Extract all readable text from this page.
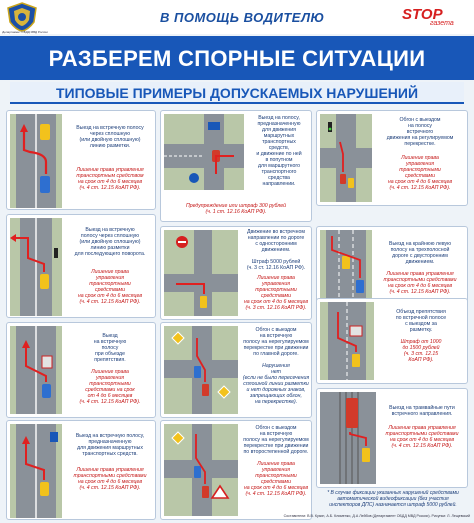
Департамент ОБДД МВД России
В ПОМОЩЬ ВОДИТЕЛЮ	STOP
газета
РАЗБЕРЕМ СПОРНЫЕ СИТУАЦИИ
ТИПОВЫЕ ПРИМЕРЫ ДОПУСКАЕМЫХ НАРУШЕНИЙ
Выезд на встречную полосу
через сплошную
(или двойную сплошную)
линию разметки.
Лишение права управления
транспортным средством
на срок от 4 до 6 месяцев
(ч. 4 ст. 12.15 КоАП РФ).
Выезд на полосу,
предназначенную
для движения
маршрутных
транспортных
средств,
и движение по ней
в попутном
для маршрутного
транспортного
средства
направлении.
Предупреждение или штраф 300 рублей
(ч. 1 ст. 12.16 КоАП РФ).
Обгон с выездом
на полосу
встречного
движения на регулируемом
перекрестке.
Лишение права
управления
транспортными
средствами
на срок от 4 до 6 месяцев
(ч. 4 ст. 12.15 КоАП РФ).
Выезд на встречную
полосу через сплошную
(или двойную сплошную)
линию разметки
для последующего поворота.
Лишение права
управления
транспортными
средствами
на срок от 4 до 6 месяцев
(ч. 4 ст. 12.15 КоАП РФ).
Движение во встречном
направлении по дороге
с односторонним
движением.
Штраф 5000 рублей
(ч. 3 ст. 12.16 КоАП РФ).
Лишение права
управления
транспортными
средствами
на срок от 4 до 6 месяцев
(ч. 3 ст. 12.16 КоАП РФ).
Выезд на крайнюю левую
полосу на трехполосной
дороге с двусторонним
движением.
Лишение права управления
транспортными средствами
на срок от 4 до 6 месяцев
(ч. 4 ст. 12.15 КоАП РФ).
Выезд
на встречную
полосу
при объезде
препятствия.
Лишение права
управления
транспортными
средствами на срок
от 4 до 6 месяцев
(ч. 4 ст. 12.15 КоАП РФ).
Обгон с выездом
на встречную
полосу на нерегулируемом
перекрестке при движении
по главной дороге.
Нарушения
нет
(если не было пересечения
сплошной линии разметки
и нет дорожных знаков,
запрещающих обгон,
на перекрестке).
Объезд препятствия
по встречной полосе
с выездом за
разметку.
Штраф от 1000
до 1500 рублей
(ч. 3 ст. 12.15
КоАП РФ).
Выезд на встречную полосу,
предназначенную
для движения маршрутных
транспортных средств.
Лишение права управления
транспортными средствами
на срок от 4 до 6 месяцев
(ч. 4 ст. 12.15 КоАП РФ).
Обгон с выездом
на встречную
полосу на нерегулируемом
перекрестке при движении
по второстепенной дороге.
Лишение права
управления
транспортными
средствами
на срок от 4 до 6 месяцев
(ч. 4 ст. 12.15 КоАП РФ).
Выезд на трамвайные пути
встречного направления.
Лишение права управления
транспортными средствами
на срок от 4 до 6 месяцев
(ч. 4 ст. 12.15 КоАП РФ).
* В случае фиксации указанных нарушений средствами
автоматической видеофиксации (без участия
инспекторов ДПС) назначается штраф 5000 рублей.
Составители: В.В. Кузин, А.Б. Клименко, Д.А Лейбов (Департамент ОБДД МВД России). Рисунки: Л. Лещевский
